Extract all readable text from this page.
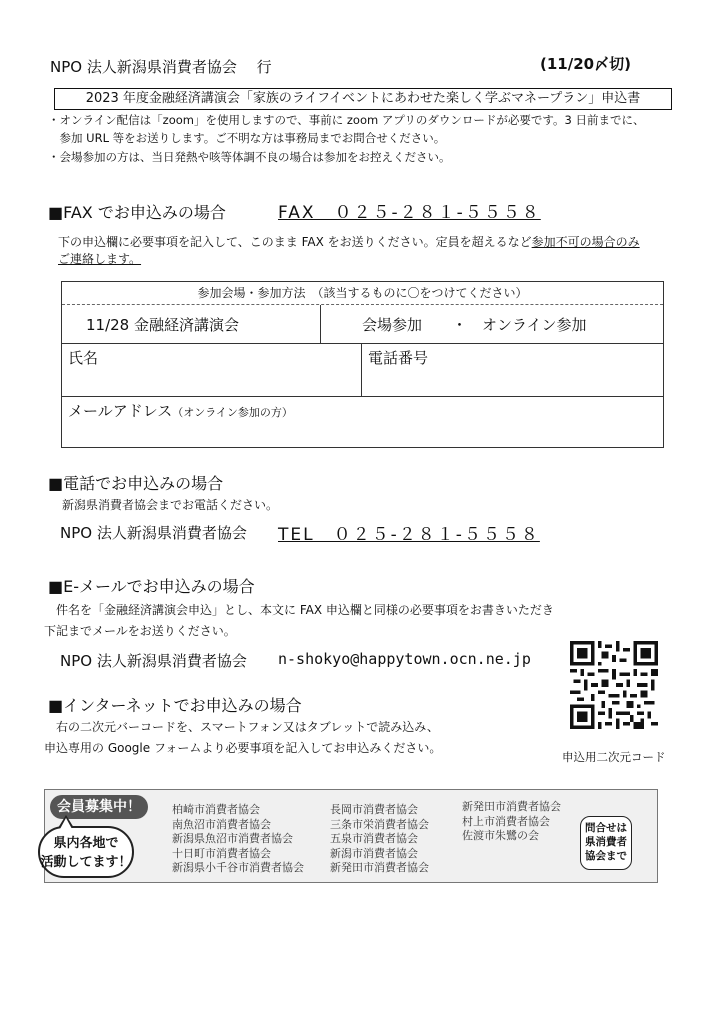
NPO 法人新潟県消費者協会　 行	(11/20〆切)
2023 年度金融経済講演会「家族のライフイベントにあわせた楽しく学ぶマネープラン」申込書
・オンライン配信は「zoom」を使用しますので、事前に zoom アプリのダウンロードが必要です。3 日前までに、
　参加 URL 等をお送りします。ご不明な方は事務局までお問合せください。
・会場参加の方は、当日発熱や咳等体調不良の場合は参加をお控えください。
■FAX でお申込みの場合	FAX　０２５-２８１-５５５８
下の申込欄に必要事項を記入して、このまま FAX をお送りください。定員を超えるなど参加不可の場合のみ
ご連絡します。
参加会場・参加方法　（該当するものに〇をつけてください）
11/28 金融経済講演会	会場参加　　・　オンライン参加
氏名	電話番号
メールアドレス（オンライン参加の方）
■電話でお申込みの場合
新潟県消費者協会までお電話ください。
NPO 法人新潟県消費者協会 TEL　０２５-２８１-５５５８
■E-メールでお申込みの場合
　件名を「金融経済講演会申込」とし、本文に FAX 申込欄と同様の必要事項をお書きいただき
下記までメールをお送りください。
NPO 法人新潟県消費者協会 n-shokyo@happytown.ocn.ne.jp
■インターネットでお申込みの場合
　右の二次元バーコードを、スマートフォン又はタブレットで読み込み、
申込専用の Google フォームより必要事項を記入してお申込みください。
申込用二次元コード
会員募集中！
県内各地で
活動してます！
柏崎市消費者協会
南魚沼市消費者協会
新潟県魚沼市消費者協会
十日町市消費者協会
新潟県小千谷市消費者協会
長岡市消費者協会
三条市栄消費者協会
五泉市消費者協会
新潟市消費者協会
新発田市消費者協会
新発田市消費者協会
村上市消費者協会
佐渡市朱鷺の会
問合せは
県消費者
協会まで
